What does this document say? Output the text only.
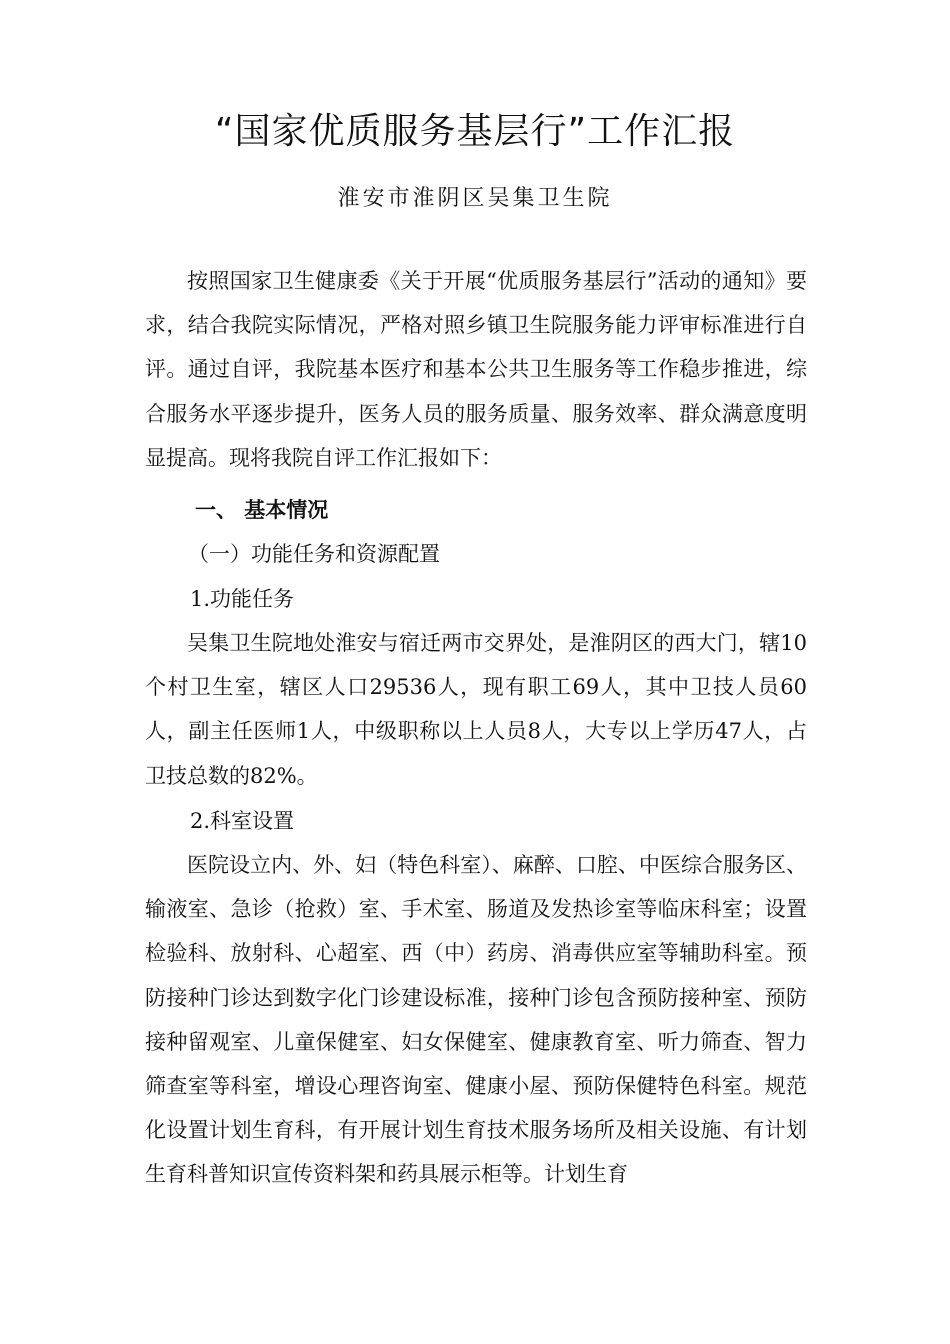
“国家优质服务基层行”工作汇报
淮安市淮阴区吴集卫生院

按照国家卫生健康委《关于开展“优质服务基层行”活动的通知》要求，结合我院实际情况，严格对照乡镇卫生院服务能力评审标准进行自评。通过自评，我院基本医疗和基本公共卫生服务等工作稳步推进，综合服务水平逐步提升，医务人员的服务质量、服务效率、群众满意度明显提高。现将我院自评工作汇报如下：

一、 基本情况
（一）功能任务和资源配置
1.功能任务

吴集卫生院地处淮安与宿迁两市交界处，是淮阴区的西大门，辖10个村卫生室，辖区人口29536人，现有职工69人，其中卫技人员60人，副主任医师1人，中级职称以上人员8人，大专以上学历47人，占卫技总数的82%。

2.科室设置

医院设立内、外、妇（特色科室）、麻醉、口腔、中医综合服务区、输液室、急诊（抢救）室、手术室、肠道及发热诊室等临床科室；设置检验科、放射科、心超室、西（中）药房、消毒供应室等辅助科室。预防接种门诊达到数字化门诊建设标准，接种门诊包含预防接种室、预防接种留观室、儿童保健室、妇女保健室、健康教育室、听力筛查、智力筛查室等科室，增设心理咨询室、健康小屋、预防保健特色科室。规范化设置计划生育科，有开展计划生育技术服务场所及相关设施、有计划生育科普知识宣传资料架和药具展示柜等。计划生育
